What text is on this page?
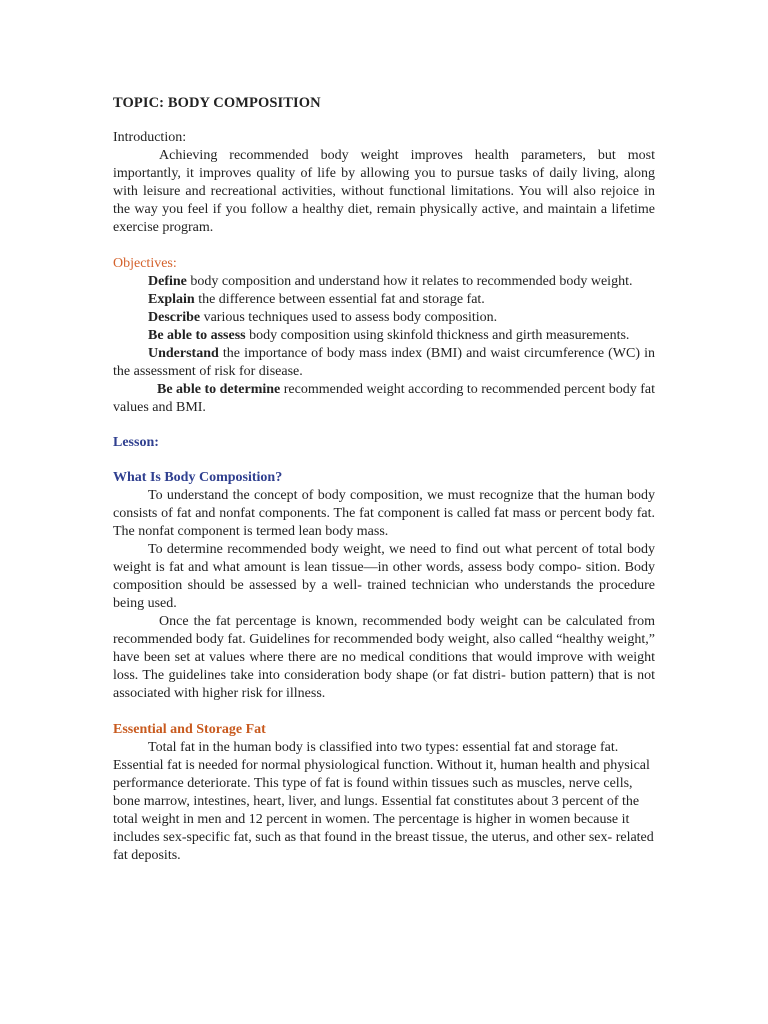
TOPIC: BODY COMPOSITION
Introduction:

Achieving recommended body weight improves health parameters, but most importantly, it improves quality of life by allowing you to pursue tasks of daily living, along with leisure and recreational activities, without functional limitations. You will also rejoice in the way you feel if you follow a healthy diet, remain physically active, and maintain a lifetime exercise program.

Objectives:

Define body composition and understand how it relates to recommended body weight.

Explain the difference between essential fat and storage fat.

Describe various techniques used to assess body composition.

Be able to assess body composition using skinfold thickness and girth measurements.

Understand the importance of body mass index (BMI) and waist circumference (WC) in the assessment of risk for disease.

Be able to determine recommended weight according to recommended percent body fat values and BMI.

Lesson:
What Is Body Composition?

To understand the concept of body composition, we must recognize that the human body consists of fat and nonfat components. The fat component is called fat mass or percent body fat. The nonfat component is termed lean body mass.

To determine recommended body weight, we need to find out what percent of total body weight is fat and what amount is lean tissue—in other words, assess body compo- sition. Body composition should be assessed by a well- trained technician who understands the procedure being used.

Once the fat percentage is known, recommended body weight can be calculated from recommended body fat. Guidelines for recommended body weight, also called “healthy weight,” have been set at values where there are no medical conditions that would improve with weight loss. The guidelines take into consideration body shape (or fat distri- bution pattern) that is not associated with higher risk for illness.

Essential and Storage Fat

Total fat in the human body is classified into two types: essential fat and storage fat. Essential fat is needed for normal physiological function. Without it, human health and physical performance deteriorate. This type of fat is found within tissues such as muscles, nerve cells, bone marrow, intestines, heart, liver, and lungs. Essential fat constitutes about 3 percent of the total weight in men and 12 percent in women. The percentage is higher in women because it includes sex-specific fat, such as that found in the breast tissue, the uterus, and other sex- related fat deposits.
